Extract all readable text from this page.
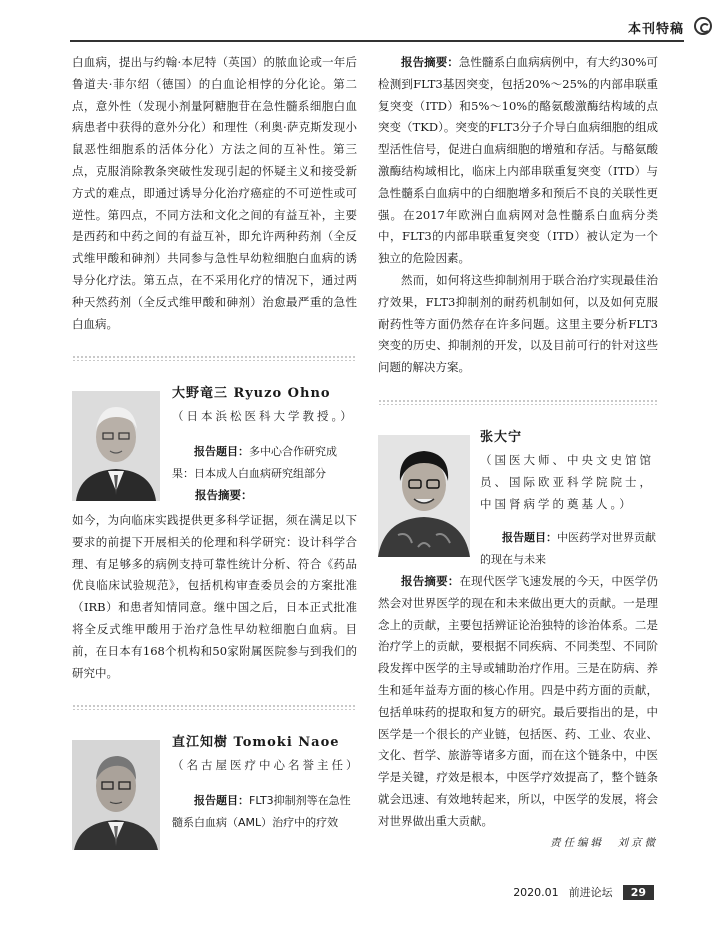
本刊特稿

白血病，提出与约翰·本尼特（英国）的脓血论或一年后鲁道夫·菲尔绍（德国）的白血论相悖的分化论。第二点，意外性（发现小剂量阿糖胞苷在急性髓系细胞白血病患者中获得的意外分化）和理性（利奥·萨克斯发现小鼠恶性细胞系的活体分化）方法之间的互补性。第三点，克服消除教条突破性发现引起的怀疑主义和接受新方式的难点，即通过诱导分化治疗癌症的不可逆性或可逆性。第四点，不同方法和文化之间的有益互补，主要是西药和中药之间的有益互补，即允许两种药剂（全反式维甲酸和砷剂）共同参与急性早幼粒细胞白血病的诱导分化疗法。第五点，在不采用化疗的情况下，通过两种天然药剂（全反式维甲酸和砷剂）治愈最严重的急性白血病。

大野竜三 Ryuzo Ohno
（日本浜松医科大学教授。）
报告题目：多中心合作研究成果：日本成人白血病研究组部分

报告摘要：

如今，为向临床实践提供更多科学证据，须在满足以下要求的前提下开展相关的伦理和科学研究：设计科学合理、有足够多的病例支持可靠性统计分析、符合《药品优良临床试验规范》，包括机构审查委员会的方案批准（IRB）和患者知情同意。继中国之后，日本正式批准将全反式维甲酸用于治疗急性早幼粒细胞白血病。目前，在日本有168个机构和50家附属医院参与到我们的研究中。

直江知樹 Tomoki Naoe
（名古屋医疗中心名誉主任）
报告题目：FLT3抑制剂等在急性髓系白血病（AML）治疗中的疗效

报告摘要：急性髓系白血病病例中，有大约30%可检测到FLT3基因突变，包括20%～25%的内部串联重复突变（ITD）和5%～10%的酪氨酸激酶结构域的点突变（TKD）。突变的FLT3分子介导白血病细胞的组成型活性信号，促进白血病细胞的增殖和存活。与酪氨酸激酶结构域相比，临床上内部串联重复突变（ITD）与急性髓系白血病中的白细胞增多和预后不良的关联性更强。在2017年欧洲白血病网对急性髓系白血病分类中，FLT3的内部串联重复突变（ITD）被认定为一个独立的危险因素。

然而，如何将这些抑制剂用于联合治疗实现最佳治疗效果，FLT3抑制剂的耐药机制如何，以及如何克服耐药性等方面仍然存在许多问题。这里主要分析FLT3突变的历史、抑制剂的开发，以及目前可行的针对这些问题的解决方案。

张大宁
（国医大师、中央文史馆馆员、国际欧亚科学院院士，中国肾病学的奠基人。）
报告题目：中医药学对世界贡献的现在与未来

报告摘要：在现代医学飞速发展的今天，中医学仍然会对世界医学的现在和未来做出更大的贡献。一是理念上的贡献，主要包括辨证论治独特的诊治体系。二是治疗学上的贡献，要根据不同疾病、不同类型、不同阶段发挥中医学的主导或辅助治疗作用。三是在防病、养生和延年益寿方面的核心作用。四是中药方面的贡献，包括单味药的提取和复方的研究。最后要指出的是，中医学是一个很长的产业链，包括医、药、工业、农业、文化、哲学、旅游等诸多方面，而在这个链条中，中医学是关键，疗效是根本，中医学疗效提高了，整个链条就会迅速、有效地转起来，所以，中医学的发展，将会对世界做出重大贡献。

责任编辑　刘京微
2020.01 前进论坛	29
